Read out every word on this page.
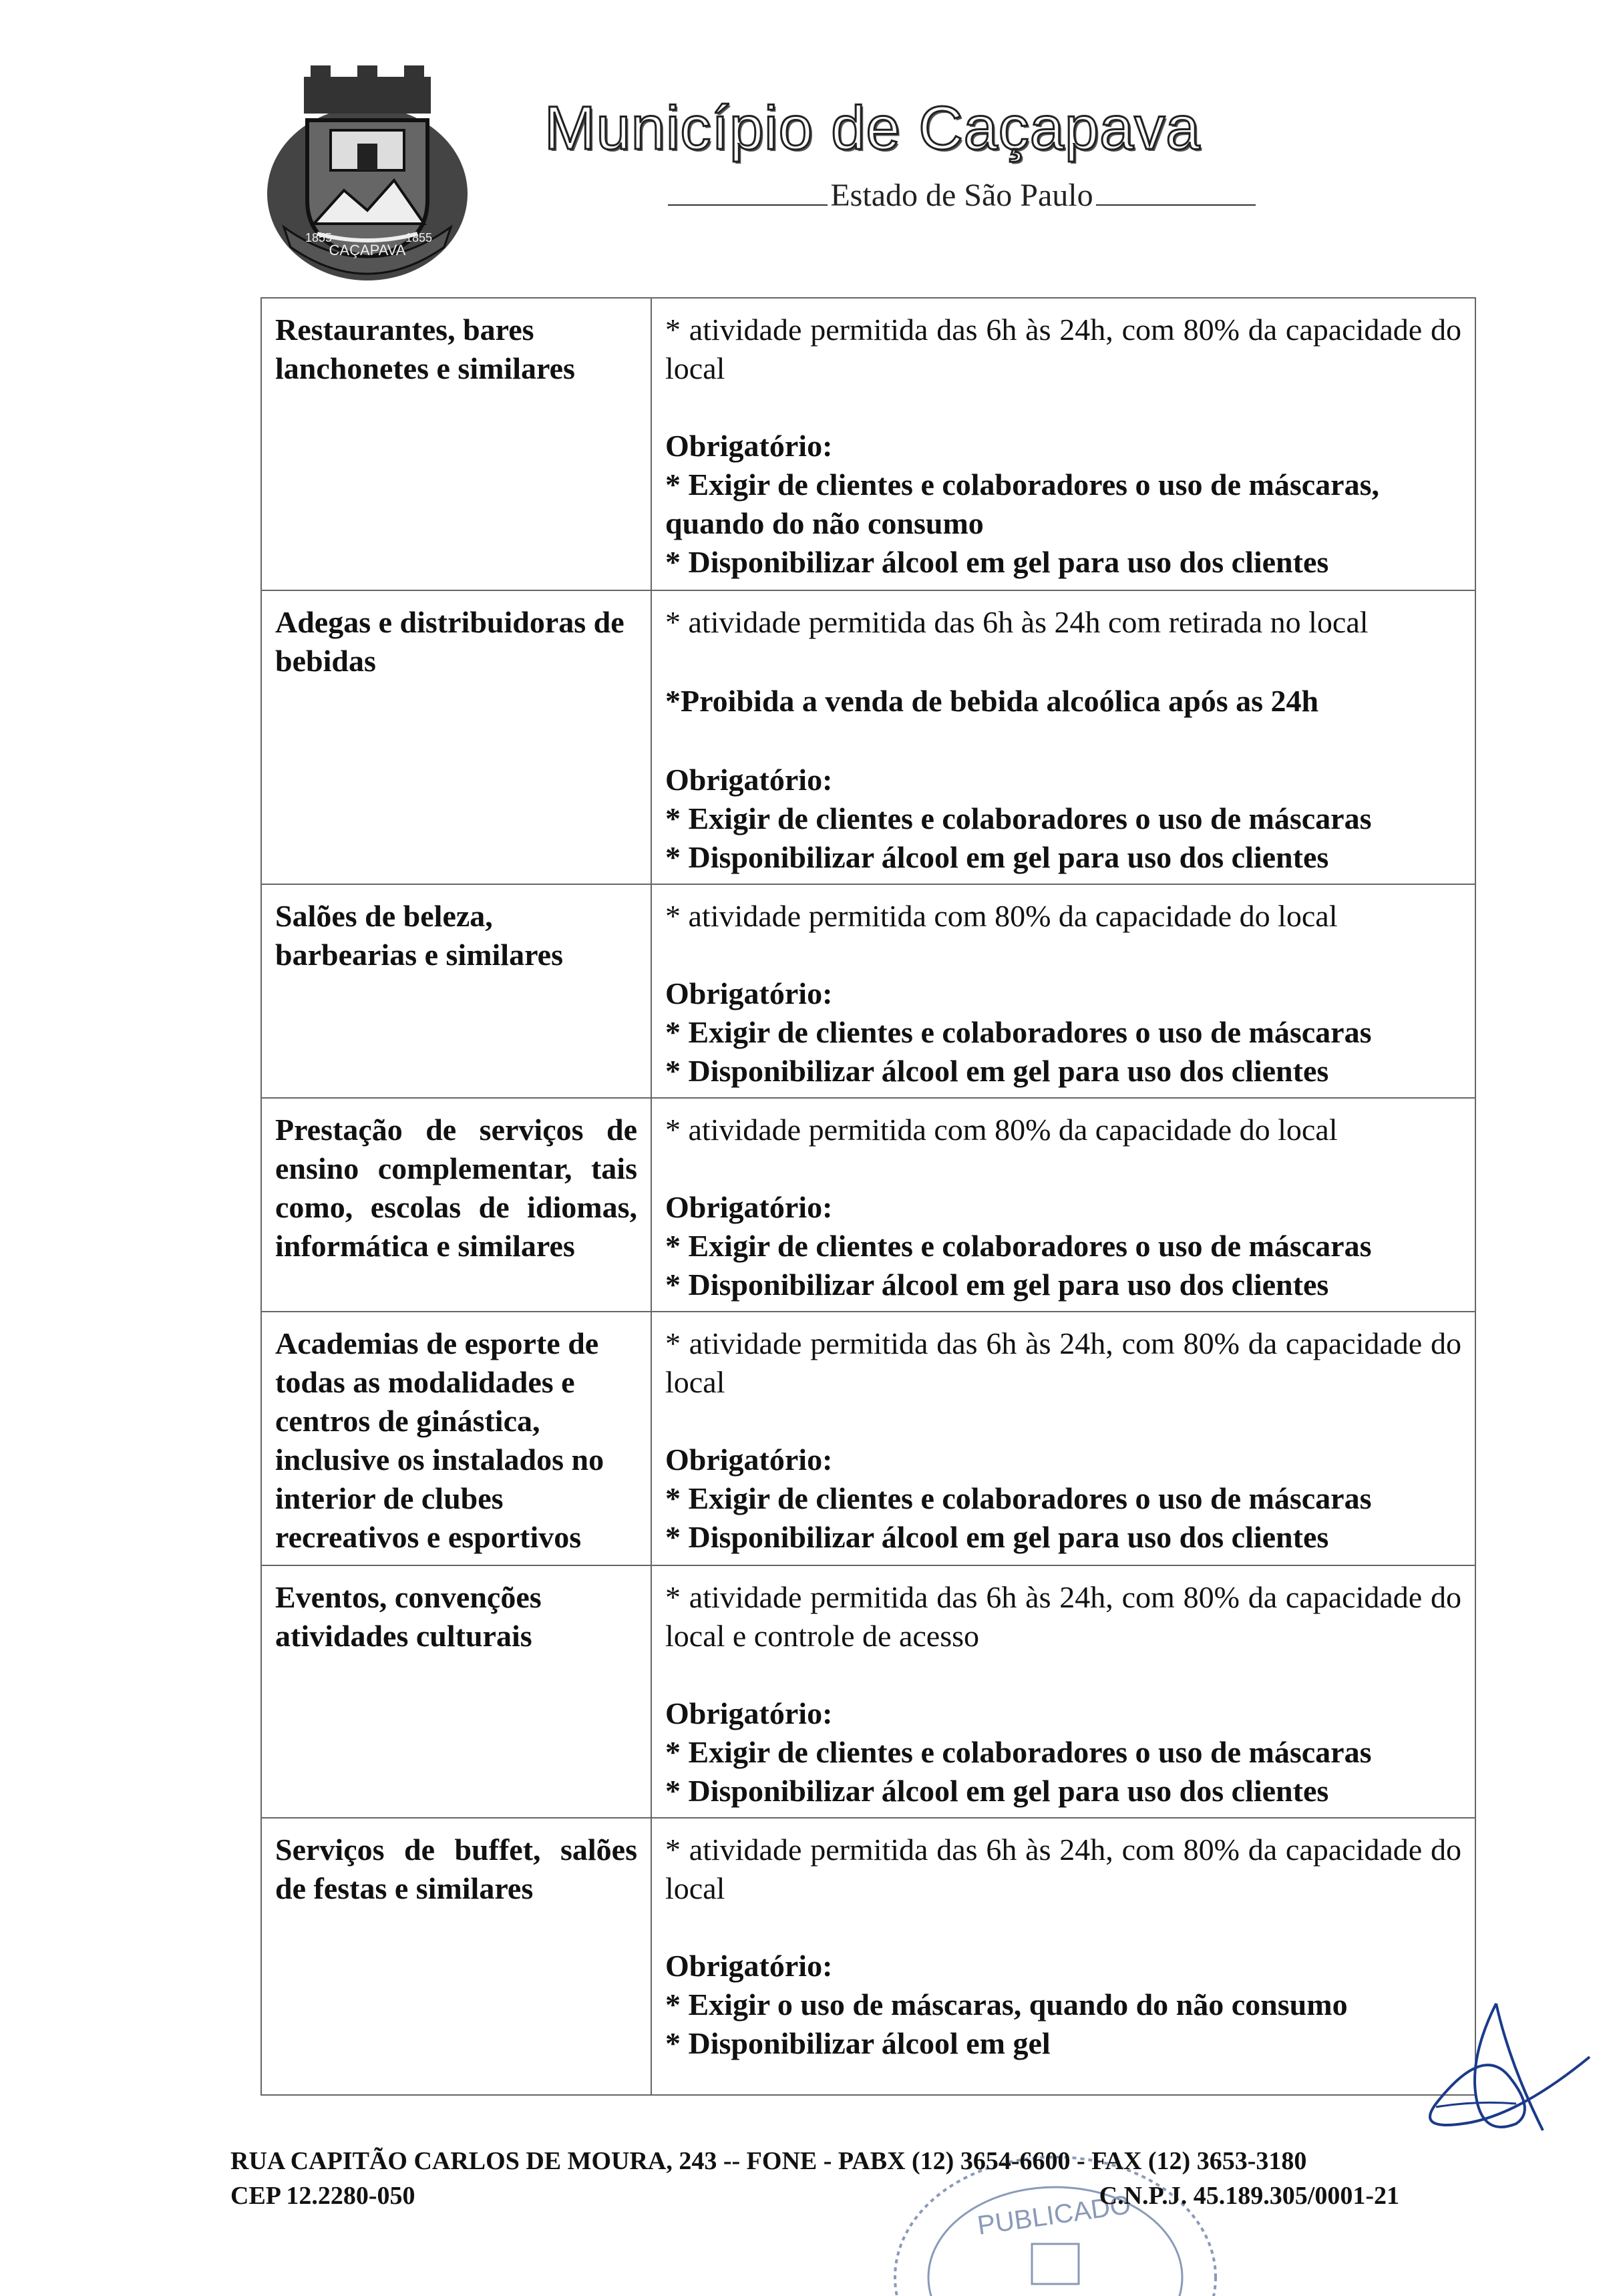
CAÇAPAVA
1855	1855
Município de Caçapava
Estado de São Paulo
Restaurantes, bares lanchonetes e similares	* atividade permitida das 6h às 24h, com 80% da capacidade do local
Obrigatório:
* Exigir de clientes e colaboradores o uso de máscaras, quando do não consumo
* Disponibilizar álcool em gel para uso dos clientes

Adegas e distribuidoras de bebidas	* atividade permitida das 6h às 24h com retirada no local
*Proibida a venda de bebida alcoólica após as 24h
Obrigatório:
* Exigir de clientes e colaboradores o uso de máscaras
* Disponibilizar álcool em gel para uso dos clientes

Salões de beleza, barbearias e similares	* atividade permitida com 80% da capacidade do local
Obrigatório:
* Exigir de clientes e colaboradores o uso de máscaras
* Disponibilizar álcool em gel para uso dos clientes

Prestação de serviços de ensino complementar, tais como, escolas de idiomas, informática e similares	* atividade permitida com 80% da capacidade do local
Obrigatório:
* Exigir de clientes e colaboradores o uso de máscaras
* Disponibilizar álcool em gel para uso dos clientes

Academias de esporte de todas as modalidades e centros de ginástica, inclusive os instalados no interior de clubes recreativos e esportivos	* atividade permitida das 6h às 24h, com 80% da capacidade do local
Obrigatório:
* Exigir de clientes e colaboradores o uso de máscaras
* Disponibilizar álcool em gel para uso dos clientes

Eventos, convenções atividades culturais	* atividade permitida das 6h às 24h, com 80% da capacidade do local e controle de acesso
Obrigatório:
* Exigir de clientes e colaboradores o uso de máscaras
* Disponibilizar álcool em gel para uso dos clientes

Serviços de buffet, salões de festas e similares	* atividade permitida das 6h às 24h, com 80% da capacidade do local
Obrigatório:
* Exigir o uso de máscaras, quando do não consumo
* Disponibilizar álcool em gel
PUBLICADO
RUA CAPITÃO CARLOS DE MOURA, 243 -- FONE - PABX (12) 3654-6600 - FAX (12) 3653-3180
CEP 12.2280-050	C.N.P.J. 45.189.305/0001-21
